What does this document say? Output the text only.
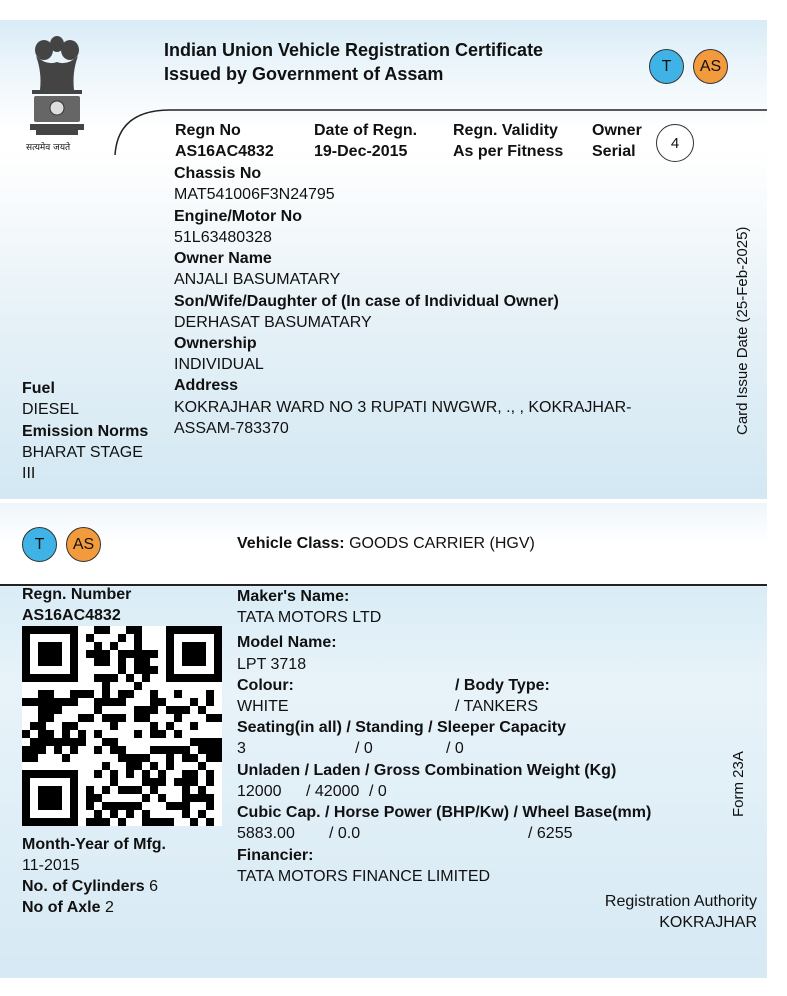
सत्यमेव जयते
Indian Union Vehicle Registration Certificate
Issued by Government of Assam	T	AS
Regn No
AS16AC4832
Date of Regn.
19-Dec-2015
Regn. Validity
As per Fitness
Owner
Serial	4
Chassis No
MAT541006F3N24795
Engine/Motor No
51L63480328
Owner Name
ANJALI BASUMATARY
Son/Wife/Daughter of (In case of Individual Owner)
DERHASAT BASUMATARY
Ownership
INDIVIDUAL
Address
KOKRAJHAR WARD NO 3 RUPATI NWGWR, ., , KOKRAJHAR-
ASSAM-783370
Fuel
DIESEL
Emission Norms
BHARAT STAGE
III
Card Issue Date (25-Feb-2025)
T	AS	Vehicle Class: GOODS CARRIER (HGV)
Regn. Number
AS16AC4832
Maker's Name:
TATA MOTORS LTD
Model Name:
LPT 3718
Colour:	/ Body Type:
WHITE	/ TANKERS
Seating(in all) / Standing / Sleeper Capacity
3	/ 0	/ 0
Unladen / Laden / Gross Combination Weight (Kg)
12000 / 42000 / 0
Cubic Cap. / Horse Power (BHP/Kw) / Wheel Base(mm)
5883.00 / 0.0	/ 6255
Financier:
TATA MOTORS FINANCE LIMITED
Month-Year of Mfg.
11-2015
No. of Cylinders 6
No of Axle 2	Registration Authority
KOKRAJHAR
Form 23A
